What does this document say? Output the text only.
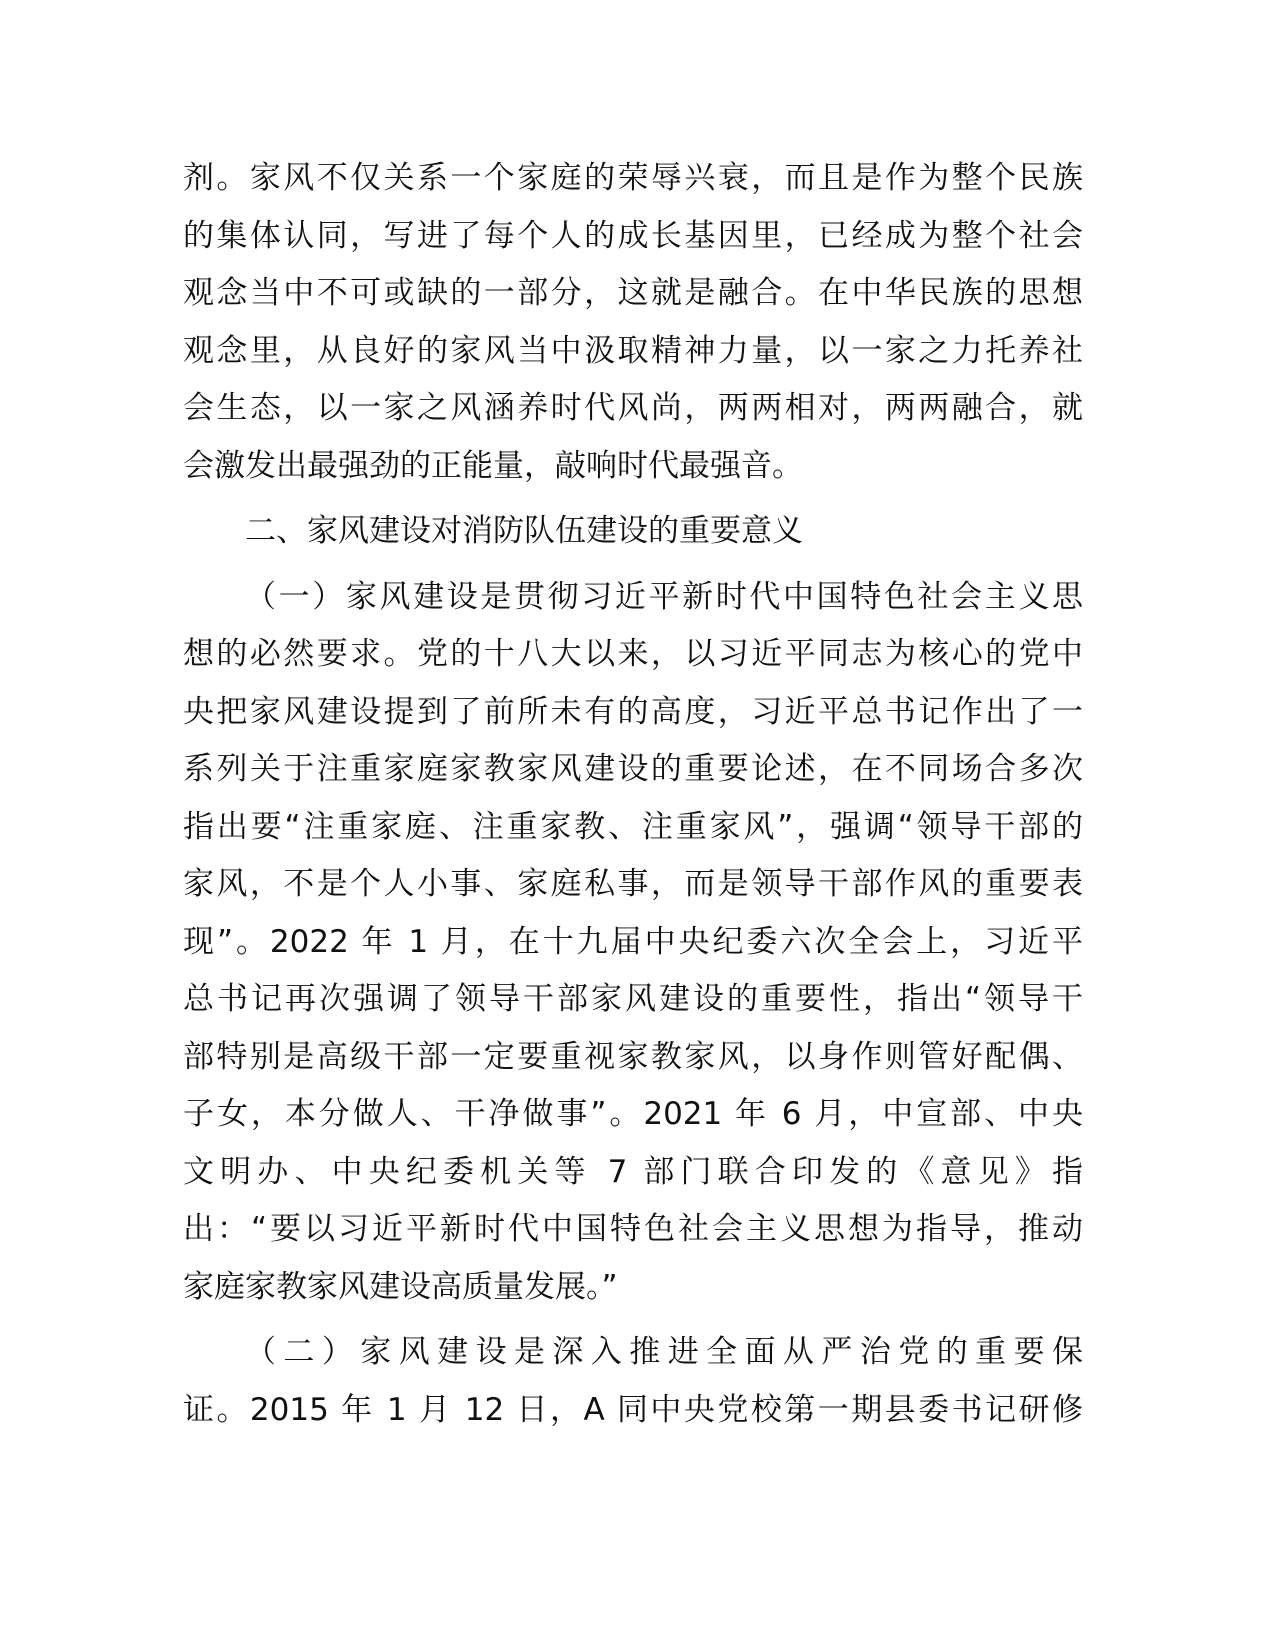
剂。家风不仅关系一个家庭的荣辱兴衰，而且是作为整个民族
的集体认同，写进了每个人的成长基因里，已经成为整个社会
观念当中不可或缺的一部分，这就是融合。在中华民族的思想
观念里，从良好的家风当中汲取精神力量，以一家之力托养社
会生态，以一家之风涵养时代风尚，两两相对，两两融合，就
会激发出最强劲的正能量，敲响时代最强音。
二、家风建设对消防队伍建设的重要意义
（一）家风建设是贯彻习近平新时代中国特色社会主义思
想的必然要求。党的十八大以来，以习近平同志为核心的党中
央把家风建设提到了前所未有的高度，习近平总书记作出了一
系列关于注重家庭家教家风建设的重要论述，在不同场合多次
指出要“注重家庭、注重家教、注重家风”，强调“领导干部的
家风，不是个人小事、家庭私事，而是领导干部作风的重要表
现”。2022 年 1 月，在十九届中央纪委六次全会上，习近平
总书记再次强调了领导干部家风建设的重要性，指出“领导干
部特别是高级干部一定要重视家教家风，以身作则管好配偶、
子女，本分做人、干净做事”。2021 年 6 月，中宣部、中央
文明办、中央纪委机关等 7 部门联合印发的《意见》指
出：“要以习近平新时代中国特色社会主义思想为指导，推动
家庭家教家风建设高质量发展。”
（二）家风建设是深入推进全面从严治党的重要保
证。2015 年 1 月 12 日，A 同中央党校第一期县委书记研修
